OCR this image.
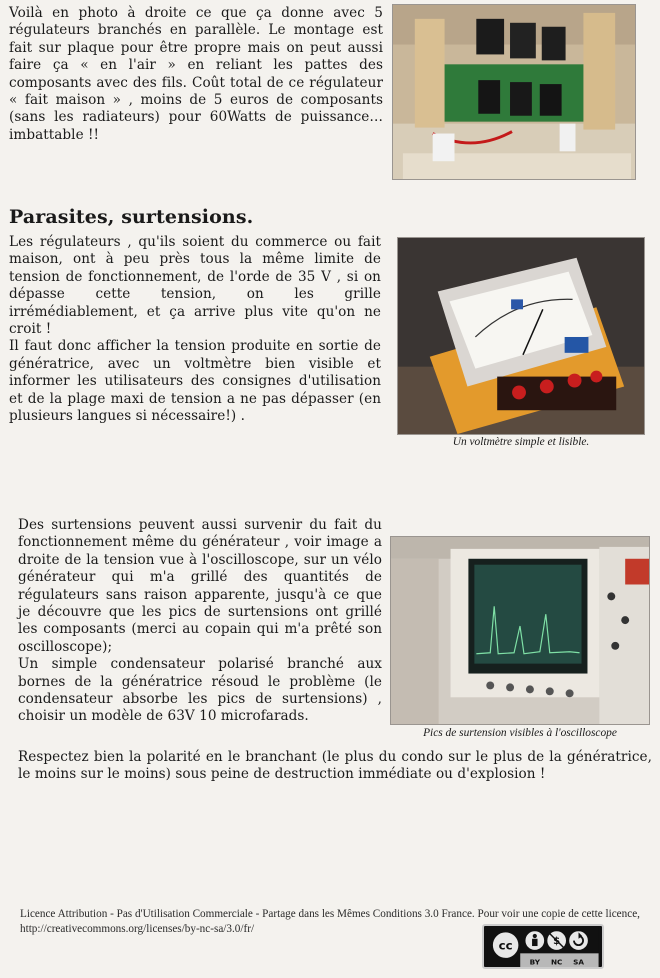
Voilà en photo à droite ce que ça donne avec 5 régulateurs branchés en parallèle. Le montage est fait sur plaque pour être propre mais on peut aussi faire ça « en l'air » en reliant les pattes des composants avec des fils. Coût total de ce régulateur « fait maison » , moins de 5 euros de composants (sans les radiateurs) pour 60Watts de puissance… imbattable !!

Parasites, surtensions.

Les régulateurs , qu'ils soient du commerce ou fait maison, ont à peu près tous la même limite de tension de fonctionnement, de l'orde de 35 V , si on dépasse cette tension, on les grille irrémédiablement, et ça arrive plus vite qu'on ne croit !

Il faut donc afficher la tension produite en sortie de génératrice, avec un voltmètre bien visible et informer les utilisateurs des consignes d'utilisation et de la plage maxi de tension a ne pas dépasser (en plusieurs langues si nécessaire!) .

Un voltmètre simple et lisible.

Des surtensions peuvent aussi survenir du fait du fonctionnement même du générateur , voir image a droite de la tension vue à l'oscilloscope, sur un vélo générateur qui m'a grillé des quantités de régulateurs sans raison apparente, jusqu'à ce que je découvre que les pics de surtensions ont grillé les composants (merci au copain qui m'a prêté son oscilloscope);

Un simple condensateur polarisé branché aux bornes de la génératrice résoud le problème (le condensateur absorbe les pics de surtensions) , choisir un modèle de 63V 10 microfarads.

Pics de surtension visibles à l'oscilloscope

Respectez bien la polarité en le branchant (le plus du condo sur le plus de la génératrice, le moins sur le moins) sous peine de destruction immédiate ou d'explosion !

Licence Attribution - Pas d'Utilisation Commerciale - Partage dans les Mêmes Conditions 3.0 France. Pour voir une copie de cette licence, http://creativecommons.org/licenses/by-nc-sa/3.0/fr/
cc	$
BY NC SA
